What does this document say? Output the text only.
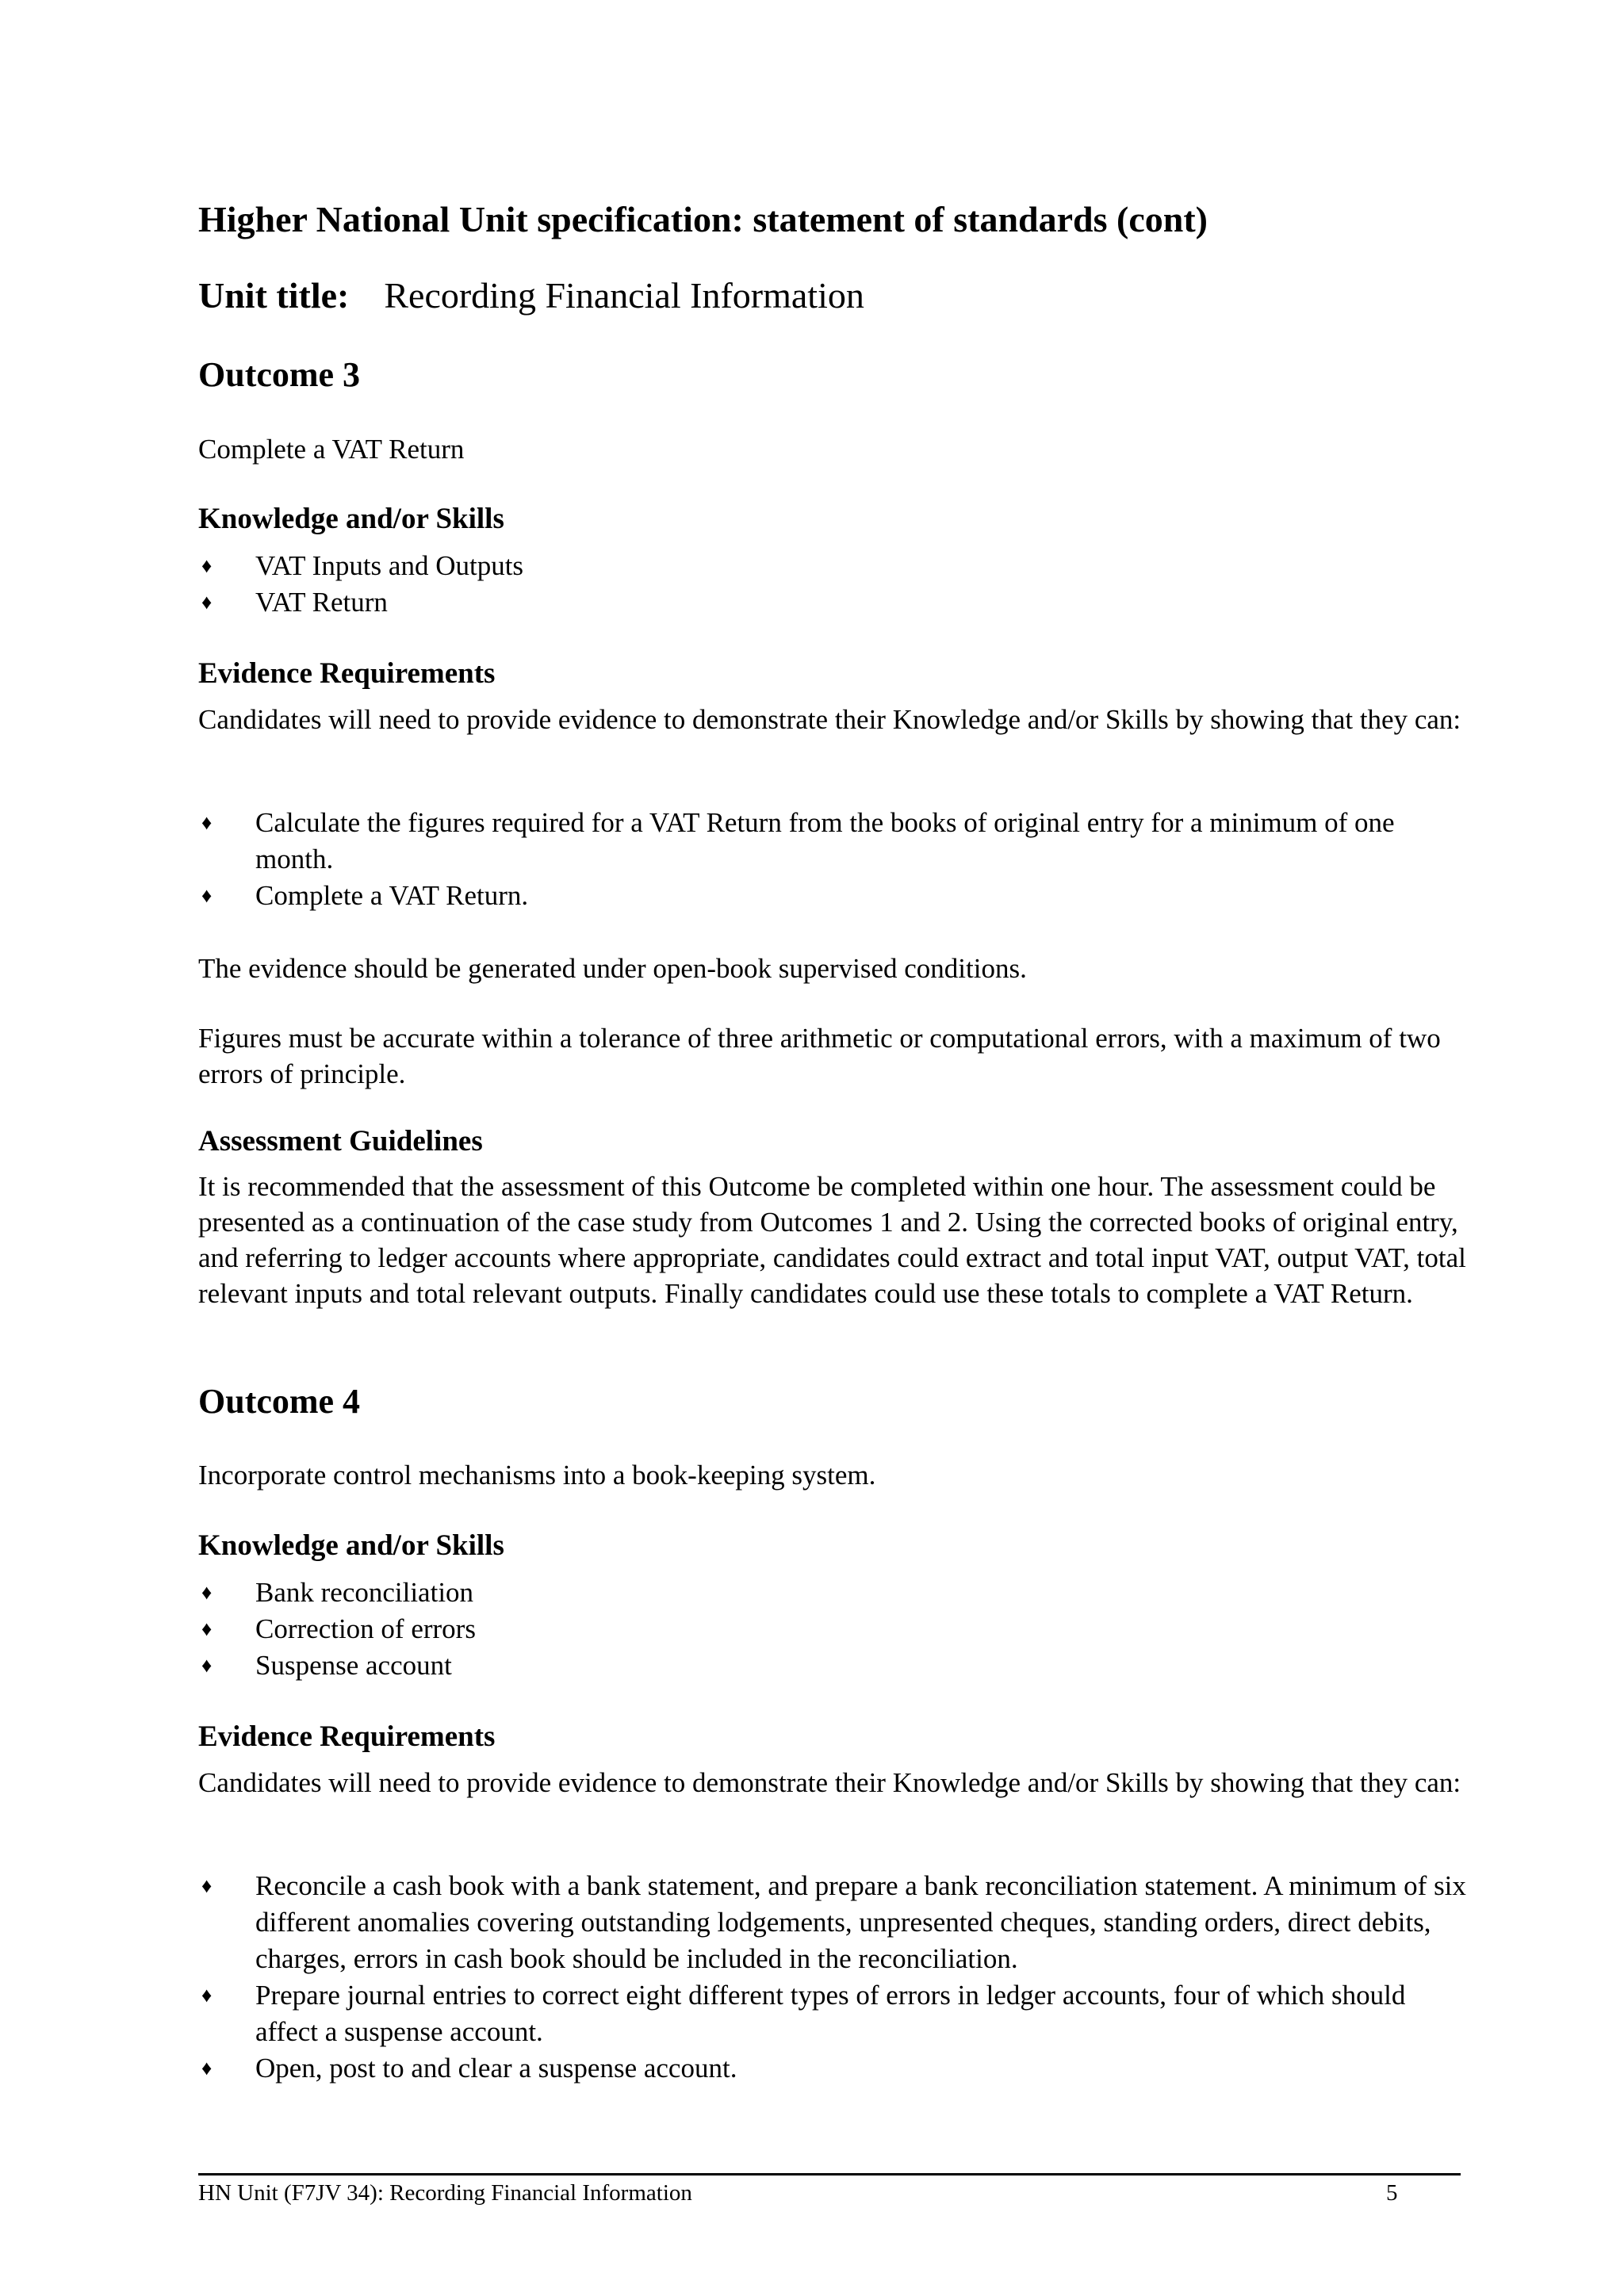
Higher National Unit specification: statement of standards (cont)
Unit title: Recording Financial Information
Outcome 3
Complete a VAT Return
Knowledge and/or Skills
♦ VAT Inputs and Outputs
♦ VAT Return
Evidence Requirements

Candidates will need to provide evidence to demonstrate their Knowledge and/or Skills by showing that they can:

♦ Calculate the figures required for a VAT Return from the books of original entry for a minimum of one month.
♦ Complete a VAT Return.

The evidence should be generated under open-book supervised conditions.

Figures must be accurate within a tolerance of three arithmetic or computational errors, with a maximum of two errors of principle.

Assessment Guidelines

It is recommended that the assessment of this Outcome be completed within one hour. The assessment could be presented as a continuation of the case study from Outcomes 1 and 2. Using the corrected books of original entry, and referring to ledger accounts where appropriate, candidates could extract and total input VAT, output VAT, total relevant inputs and total relevant outputs. Finally candidates could use these totals to complete a VAT Return.

Outcome 4
Incorporate control mechanisms into a book-keeping system.
Knowledge and/or Skills
♦ Bank reconciliation
♦ Correction of errors
♦ Suspense account
Evidence Requirements

Candidates will need to provide evidence to demonstrate their Knowledge and/or Skills by showing that they can:

♦ Reconcile a cash book with a bank statement, and prepare a bank reconciliation statement. A minimum of six different anomalies covering outstanding lodgements, unpresented cheques, standing orders, direct debits, charges, errors in cash book should be included in the reconciliation.
♦ Prepare journal entries to correct eight different types of errors in ledger accounts, four of which should affect a suspense account.
♦ Open, post to and clear a suspense account.
HN Unit (F7JV 34): Recording Financial Information	5
